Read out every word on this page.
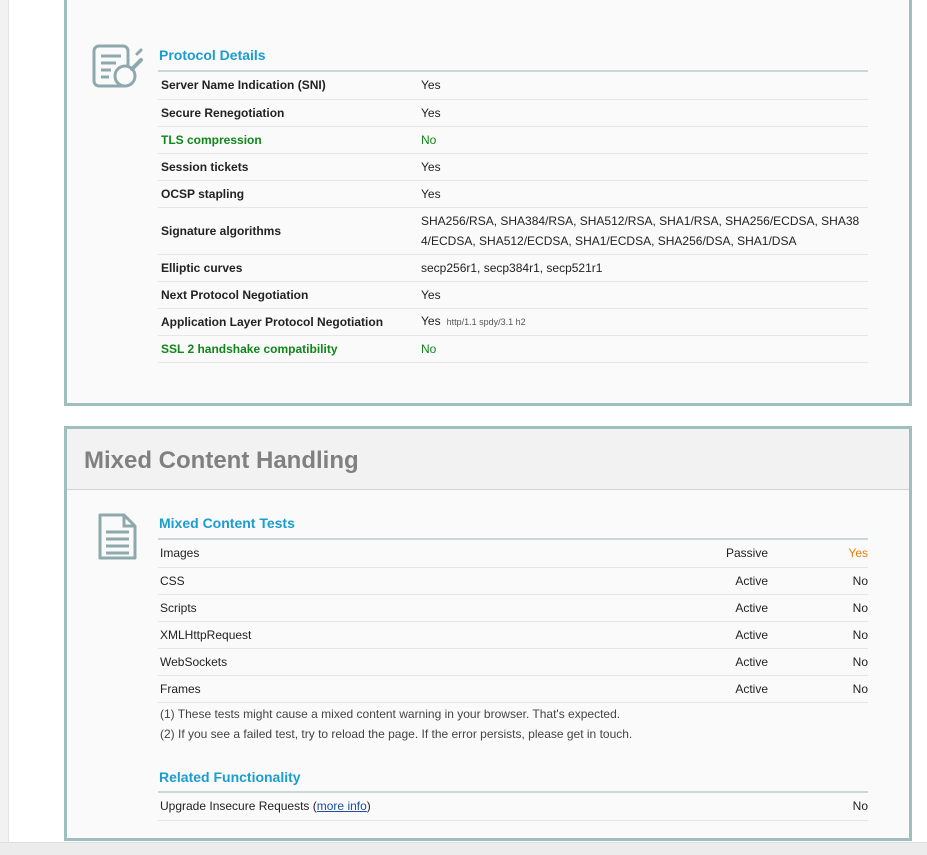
Protocol Details
Server Name Indication (SNI)	Yes
Secure Renegotiation	Yes
TLS compression	No
Session tickets	Yes
OCSP stapling	Yes
Signature algorithms	SHA256/RSA, SHA384/RSA, SHA512/RSA, SHA1/RSA, SHA256/ECDSA, SHA384/ECDSA, SHA512/ECDSA, SHA1/ECDSA, SHA256/DSA, SHA1/DSA
Elliptic curves	secp256r1, secp384r1, secp521r1
Next Protocol Negotiation	Yes
Application Layer Protocol Negotiation	Yes http/1.1 spdy/3.1 h2
SSL 2 handshake compatibility	No
Mixed Content Handling
Mixed Content Tests
Images	Passive	Yes
CSS	Active	No
Scripts	Active	No
XMLHttpRequest	Active	No
WebSockets	Active	No
Frames	Active	No
(1) These tests might cause a mixed content warning in your browser. That's expected.
(2) If you see a failed test, try to reload the page. If the error persists, please get in touch.
Related Functionality
Upgrade Insecure Requests (more info)	No
